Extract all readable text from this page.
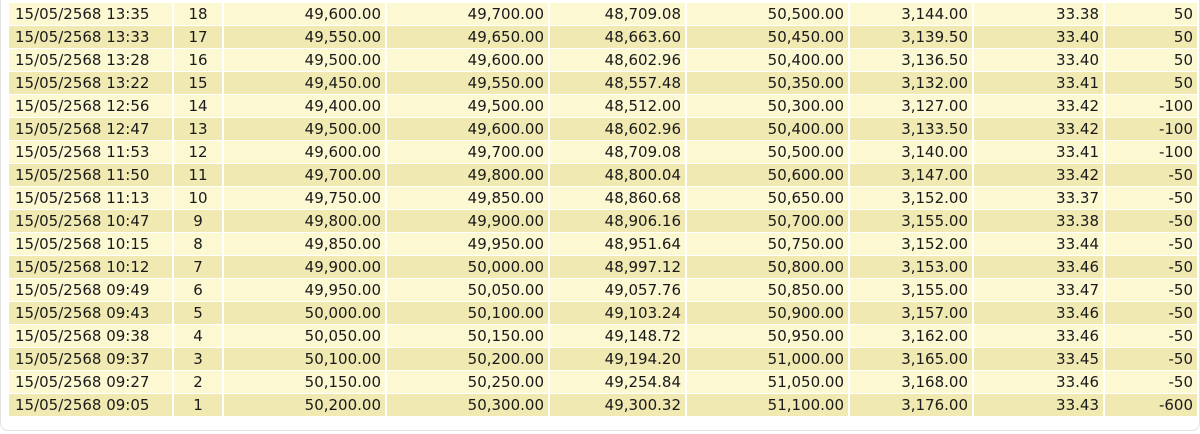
15/05/2568 13:35	18	49,600.00	49,700.00	48,709.08	50,500.00	3,144.00	33.38	50
15/05/2568 13:33	17	49,550.00	49,650.00	48,663.60	50,450.00	3,139.50	33.40	50
15/05/2568 13:28	16	49,500.00	49,600.00	48,602.96	50,400.00	3,136.50	33.40	50
15/05/2568 13:22	15	49,450.00	49,550.00	48,557.48	50,350.00	3,132.00	33.41	50
15/05/2568 12:56	14	49,400.00	49,500.00	48,512.00	50,300.00	3,127.00	33.42	-100
15/05/2568 12:47	13	49,500.00	49,600.00	48,602.96	50,400.00	3,133.50	33.42	-100
15/05/2568 11:53	12	49,600.00	49,700.00	48,709.08	50,500.00	3,140.00	33.41	-100
15/05/2568 11:50	11	49,700.00	49,800.00	48,800.04	50,600.00	3,147.00	33.42	-50
15/05/2568 11:13	10	49,750.00	49,850.00	48,860.68	50,650.00	3,152.00	33.37	-50
15/05/2568 10:47	9	49,800.00	49,900.00	48,906.16	50,700.00	3,155.00	33.38	-50
15/05/2568 10:15	8	49,850.00	49,950.00	48,951.64	50,750.00	3,152.00	33.44	-50
15/05/2568 10:12	7	49,900.00	50,000.00	48,997.12	50,800.00	3,153.00	33.46	-50
15/05/2568 09:49	6	49,950.00	50,050.00	49,057.76	50,850.00	3,155.00	33.47	-50
15/05/2568 09:43	5	50,000.00	50,100.00	49,103.24	50,900.00	3,157.00	33.46	-50
15/05/2568 09:38	4	50,050.00	50,150.00	49,148.72	50,950.00	3,162.00	33.46	-50
15/05/2568 09:37	3	50,100.00	50,200.00	49,194.20	51,000.00	3,165.00	33.45	-50
15/05/2568 09:27	2	50,150.00	50,250.00	49,254.84	51,050.00	3,168.00	33.46	-50
15/05/2568 09:05	1	50,200.00	50,300.00	49,300.32	51,100.00	3,176.00	33.43	-600
